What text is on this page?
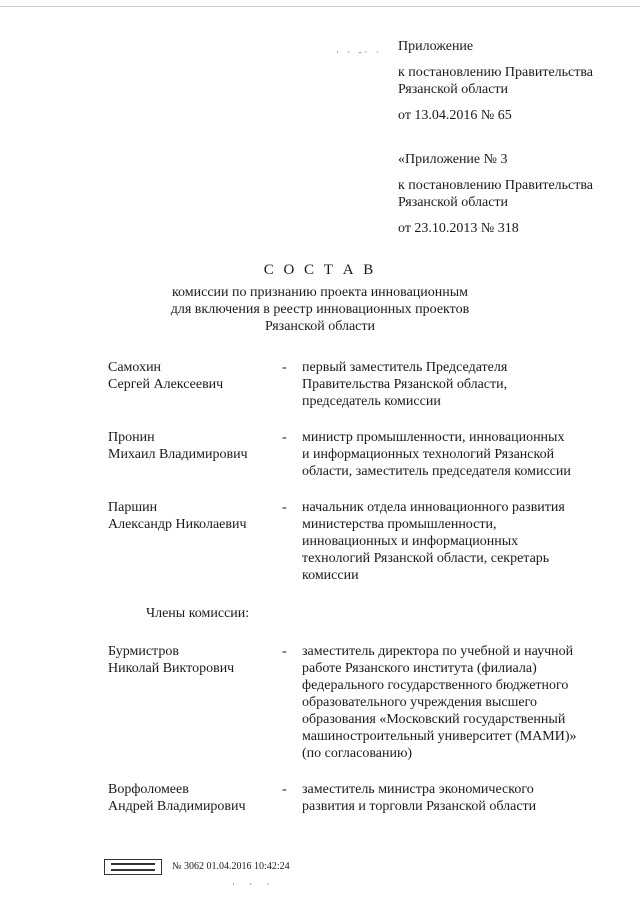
· · -· · Приложение
к постановлению Правительства
Рязанской области
от 13.04.2016 № 65
«Приложение № 3
к постановлению Правительства
Рязанской области
от 23.10.2013 № 318
С О С Т А В
комиссии по признанию проекта инновационным
для включения в реестр инновационных проектов
Рязанской области
Самохин
Сергей Алексеевич
-	первый заместитель Председателя
Правительства Рязанской области,
председатель комиссии
Пронин
Михаил Владимирович
-	министр промышленности, инновационных
и информационных технологий Рязанской
области, заместитель председателя комиссии
Паршин
Александр Николаевич
-	начальник отдела инновационного развития
министерства промышленности,
инновационных и информационных
технологий Рязанской области, секретарь
комиссии
Члены комиссии:
Бурмистров
Николай Викторович
-	заместитель директора по учебной и научной
работе Рязанского института (филиала)
федерального государственного бюджетного
образовательного учреждения высшего
образования «Московский государственный
машиностроительный университет (МАМИ)»
(по согласованию)
Ворфоломеев
Андрей Владимирович
-	заместитель министра экономического
развития и торговли Рязанской области
№ 3062 01.04.2016 10:42:24
· · ·
